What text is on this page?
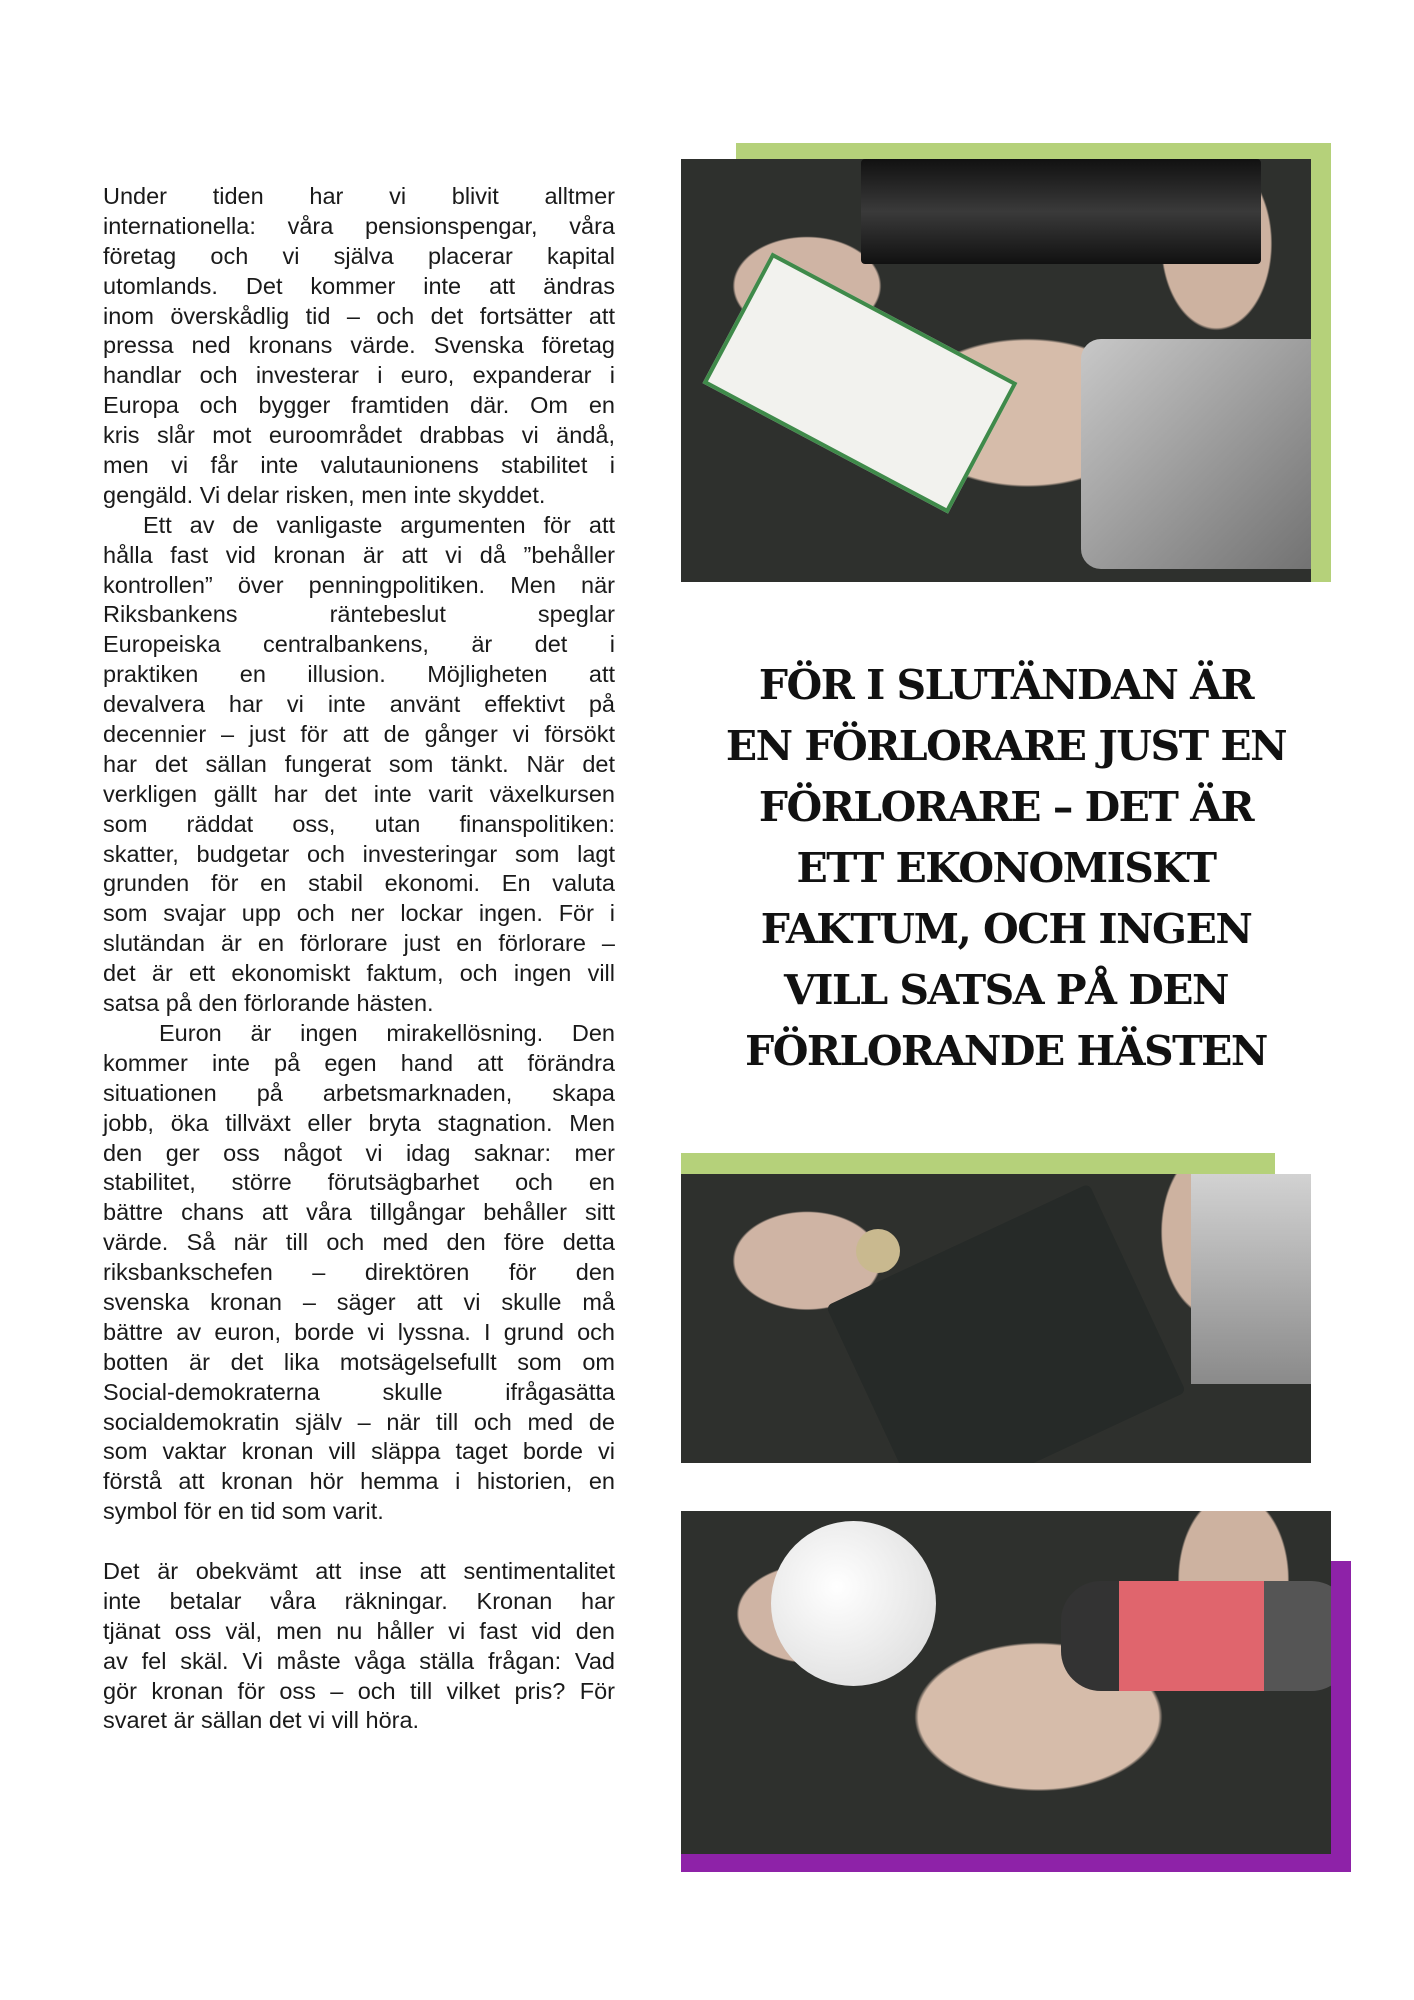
Under tiden har vi blivit alltmer
internationella: våra pensionspengar, våra
företag och vi själva placerar kapital
utomlands. Det kommer inte att ändras
inom överskådlig tid – och det fortsätter att
pressa ned kronans värde. Svenska företag
handlar och investerar i euro, expanderar i
Europa och bygger framtiden där. Om en
kris slår mot euroområdet drabbas vi ändå,
men vi får inte valutaunionens stabilitet i
gengäld. Vi delar risken, men inte skyddet.
Ett av de vanligaste argumenten för att
hålla fast vid kronan är att vi då ”behåller
kontrollen” över penningpolitiken. Men när
Riksbankens räntebeslut speglar
Europeiska centralbankens, är det i
praktiken en illusion. Möjligheten att
devalvera har vi inte använt effektivt på
decennier – just för att de gånger vi försökt
har det sällan fungerat som tänkt. När det
verkligen gällt har det inte varit växelkursen
som räddat oss, utan finanspolitiken:
skatter, budgetar och investeringar som lagt
grunden för en stabil ekonomi. En valuta
som svajar upp och ner lockar ingen. För i
slutändan är en förlorare just en förlorare –
det är ett ekonomiskt faktum, och ingen vill
satsa på den förlorande hästen.
Euron är ingen mirakellösning. Den
kommer inte på egen hand att förändra
situationen på arbetsmarknaden, skapa
jobb, öka tillväxt eller bryta stagnation. Men
den ger oss något vi idag saknar: mer
stabilitet, större förutsägbarhet och en
bättre chans att våra tillgångar behåller sitt
värde. Så när till och med den före detta
riksbankschefen – direktören för den
svenska kronan – säger att vi skulle må
bättre av euron, borde vi lyssna. I grund och
botten är det lika motsägelsefullt som om
Social-demokraterna skulle ifrågasätta
socialdemokratin själv – när till och med de
som vaktar kronan vill släppa taget borde vi
förstå att kronan hör hemma i historien, en
symbol för en tid som varit.
Det är obekvämt att inse att sentimentalitet
inte betalar våra räkningar. Kronan har
tjänat oss väl, men nu håller vi fast vid den
av fel skäl. Vi måste våga ställa frågan: Vad
gör kronan för oss – och till vilket pris? För
svaret är sällan det vi vill höra.
FÖR I SLUTÄNDAN ÄR
EN FÖRLORARE JUST EN
FÖRLORARE – DET ÄR
ETT EKONOMISKT
FAKTUM, OCH INGEN
VILL SATSA PÅ DEN
FÖRLORANDE HÄSTEN
